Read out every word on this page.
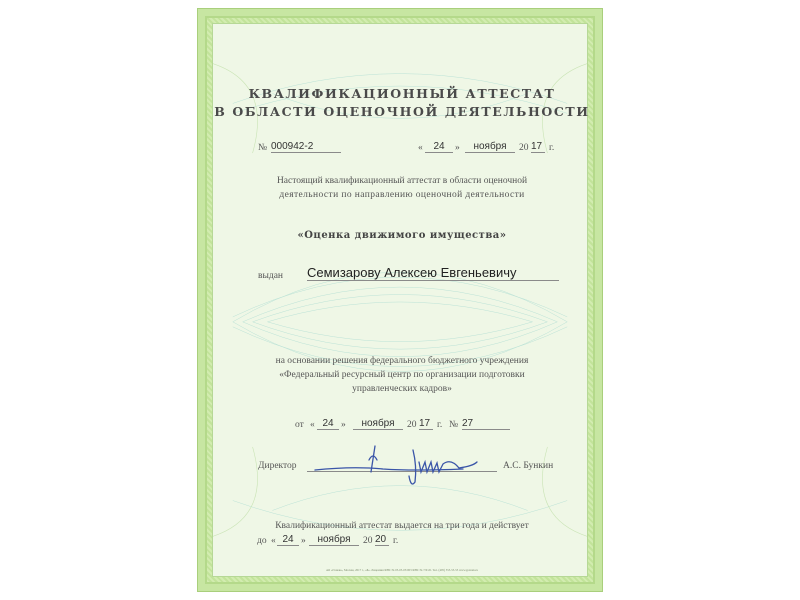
КВАЛИФИКАЦИОННЫЙ АТТЕСТАТ
В ОБЛАСТИ ОЦЕНОЧНОЙ ДЕЯТЕЛЬНОСТИ
№ 000942-2	«	24	»	ноября	20 17 г.
Настоящий квалификационный аттестат в области оценочной
деятельности по направлению оценочной деятельности
«Оценка движимого имущества»
выдан Семизарову Алексею Евгеньевичу
на основании решения федерального бюджетного учреждения
«Федеральный ресурсный центр по организации подготовки
управленческих кадров»
от « 24 »	ноября	20 17 г. № 27
Директор	А.С. Бункин
Квалификационный аттестат выдается на три года и действует
до « 24 »	ноября	20 20 г.
АО «Гознак», Москва, 2017 г., «Б». Лицензия ФНС № 05-05-05/003 ФНС № 7/6/45. Тел. (495) 555-55-55 www.goznak.ru
